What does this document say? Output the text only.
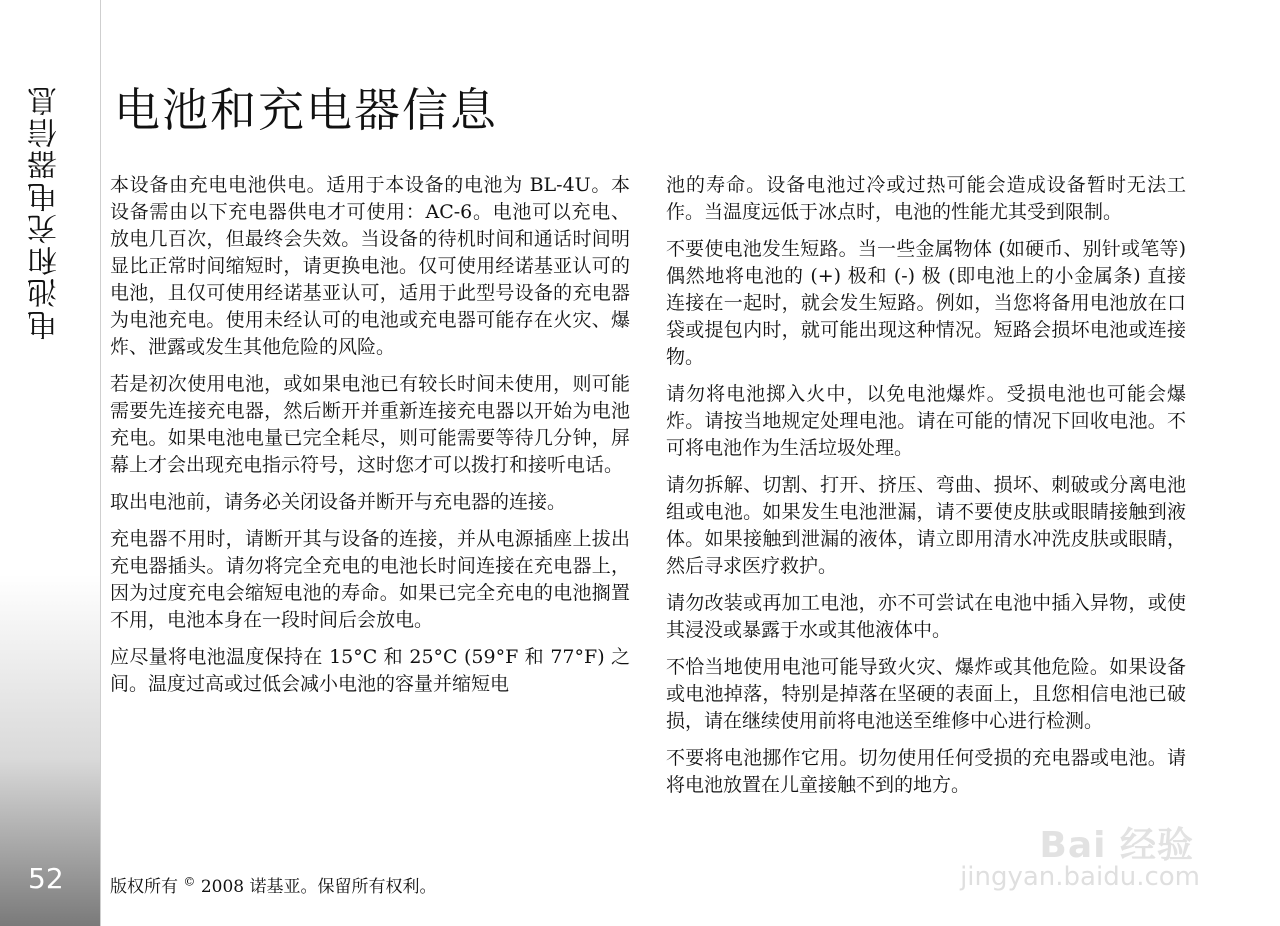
电池和充电器信息
52
电池和充电器信息

本设备由充电电池供电。适用于本设备的电池为 BL-4U。本设备需由以下充电器供电才可使用：AC-6。电池可以充电、放电几百次，但最终会失效。当设备的待机时间和通话时间明显比正常时间缩短时，请更换电池。仅可使用经诺基亚认可的电池，且仅可使用经诺基亚认可，适用于此型号设备的充电器为电池充电。使用未经认可的电池或充电器可能存在火灾、爆炸、泄露或发生其他危险的风险。

若是初次使用电池，或如果电池已有较长时间未使用，则可能需要先连接充电器，然后断开并重新连接充电器以开始为电池充电。如果电池电量已完全耗尽，则可能需要等待几分钟，屏幕上才会出现充电指示符号，这时您才可以拨打和接听电话。

取出电池前，请务必关闭设备并断开与充电器的连接。

充电器不用时，请断开其与设备的连接，并从电源插座上拔出充电器插头。请勿将完全充电的电池长时间连接在充电器上，因为过度充电会缩短电池的寿命。如果已完全充电的电池搁置不用，电池本身在一段时间后会放电。

应尽量将电池温度保持在 15°C 和 25°C (59°F 和 77°F) 之间。温度过高或过低会减小电池的容量并缩短电

池的寿命。设备电池过冷或过热可能会造成设备暂时无法工作。当温度远低于冰点时，电池的性能尤其受到限制。

不要使电池发生短路。当一些金属物体 (如硬币、别针或笔等) 偶然地将电池的 (+) 极和 (-) 极 (即电池上的小金属条) 直接连接在一起时，就会发生短路。例如，当您将备用电池放在口袋或提包内时，就可能出现这种情况。短路会损坏电池或连接物。

请勿将电池掷入火中，以免电池爆炸。受损电池也可能会爆炸。请按当地规定处理电池。请在可能的情况下回收电池。不可将电池作为生活垃圾处理。

请勿拆解、切割、打开、挤压、弯曲、损坏、刺破或分离电池组或电池。如果发生电池泄漏，请不要使皮肤或眼睛接触到液体。如果接触到泄漏的液体，请立即用清水冲洗皮肤或眼睛，然后寻求医疗救护。

请勿改装或再加工电池，亦不可尝试在电池中插入异物，或使其浸没或暴露于水或其他液体中。

不恰当地使用电池可能导致火灾、爆炸或其他危险。如果设备或电池掉落，特别是掉落在坚硬的表面上，且您相信电池已破损，请在继续使用前将电池送至维修中心进行检测。

不要将电池挪作它用。切勿使用任何受损的充电器或电池。请将电池放置在儿童接触不到的地方。

版权所有 © 2008 诺基亚。保留所有权利。
Bai 经验
jingyan.baidu.com
